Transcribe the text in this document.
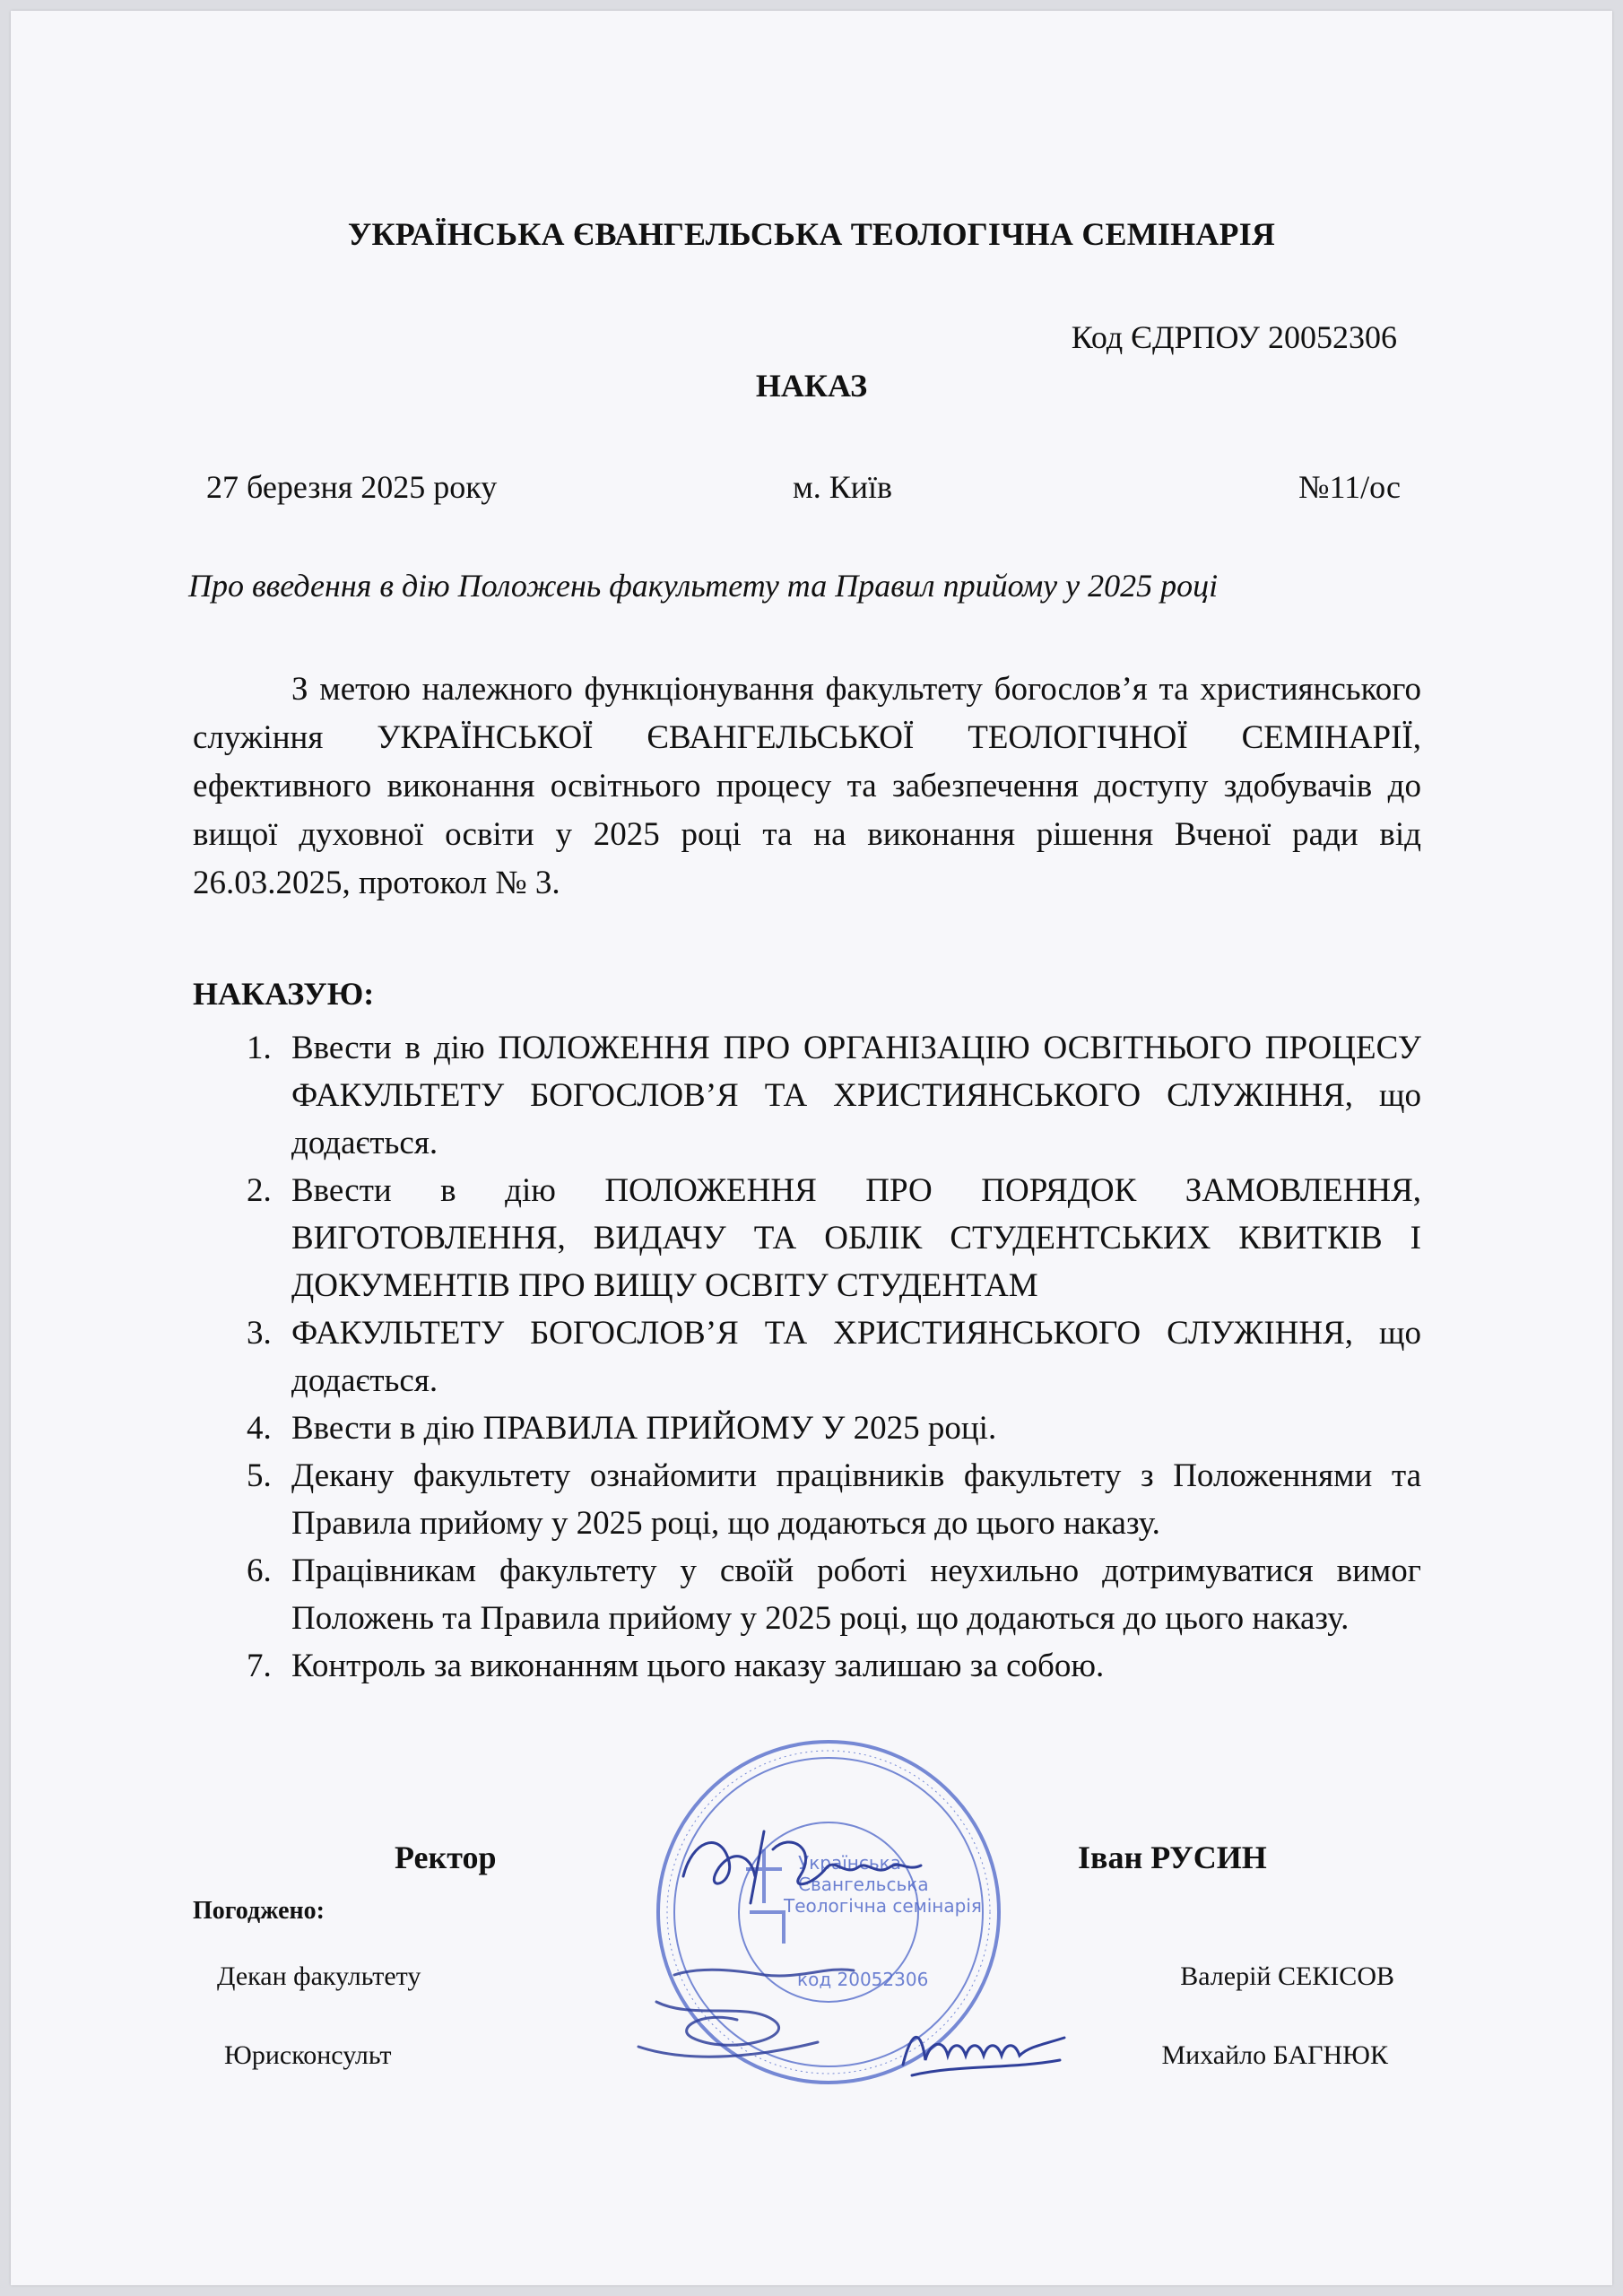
УКРАЇНСЬКА ЄВАНГЕЛЬСЬКА ТЕОЛОГІЧНА СЕМІНАРІЯ
Код ЄДРПОУ 20052306
НАКАЗ
27 березня 2025 року	м. Київ	№11/ос
Про введення в дію Положень факультету та Правил прийому у 2025 році
З метою належного функціонування факультету богослов’я та християнського служіння УКРАЇНСЬКОЇ ЄВАНГЕЛЬСЬКОЇ ТЕОЛОГІЧНОЇ СЕМІНАРІЇ, ефективного виконання освітнього процесу та забезпечення доступу здобувачів до вищої духовної освіти у 2025 році та на виконання рішення Вченої ради від 26.03.2025, протокол № 3.
НАКАЗУЮ:
1. Ввести в дію ПОЛОЖЕННЯ ПРО ОРГАНІЗАЦІЮ ОСВІТНЬОГО ПРОЦЕСУ ФАКУЛЬТЕТУ БОГОСЛОВ’Я ТА ХРИСТИЯНСЬКОГО СЛУЖІННЯ, що додається.
2. Ввести в дію ПОЛОЖЕННЯ ПРО ПОРЯДОК ЗАМОВЛЕННЯ, ВИГОТОВЛЕННЯ, ВИДАЧУ ТА ОБЛІК СТУДЕНТСЬКИХ КВИТКІВ І ДОКУМЕНТІВ ПРО ВИЩУ ОСВІТУ СТУДЕНТАМ
3. ФАКУЛЬТЕТУ БОГОСЛОВ’Я ТА ХРИСТИЯНСЬКОГО СЛУЖІННЯ, що додається.
4. Ввести в дію ПРАВИЛА ПРИЙОМУ У 2025 році.
5. Декану факультету ознайомити працівників факультету з Положеннями та Правила прийому у 2025 році, що додаються до цього наказу.
6. Працівникам факультету у своїй роботі неухильно дотримуватися вимог Положень та Правила прийому у 2025 році, що додаються до цього наказу.
7. Контроль за виконанням цього наказу залишаю за собою.
Ректор	Іван РУСИН
Погоджено:
Декан факультету	Валерій СЕКІСОВ
Юрисконсульт	Михайло БАГНЮК
Українська
Євангельська
Теологічна семінарія
код 20052306
